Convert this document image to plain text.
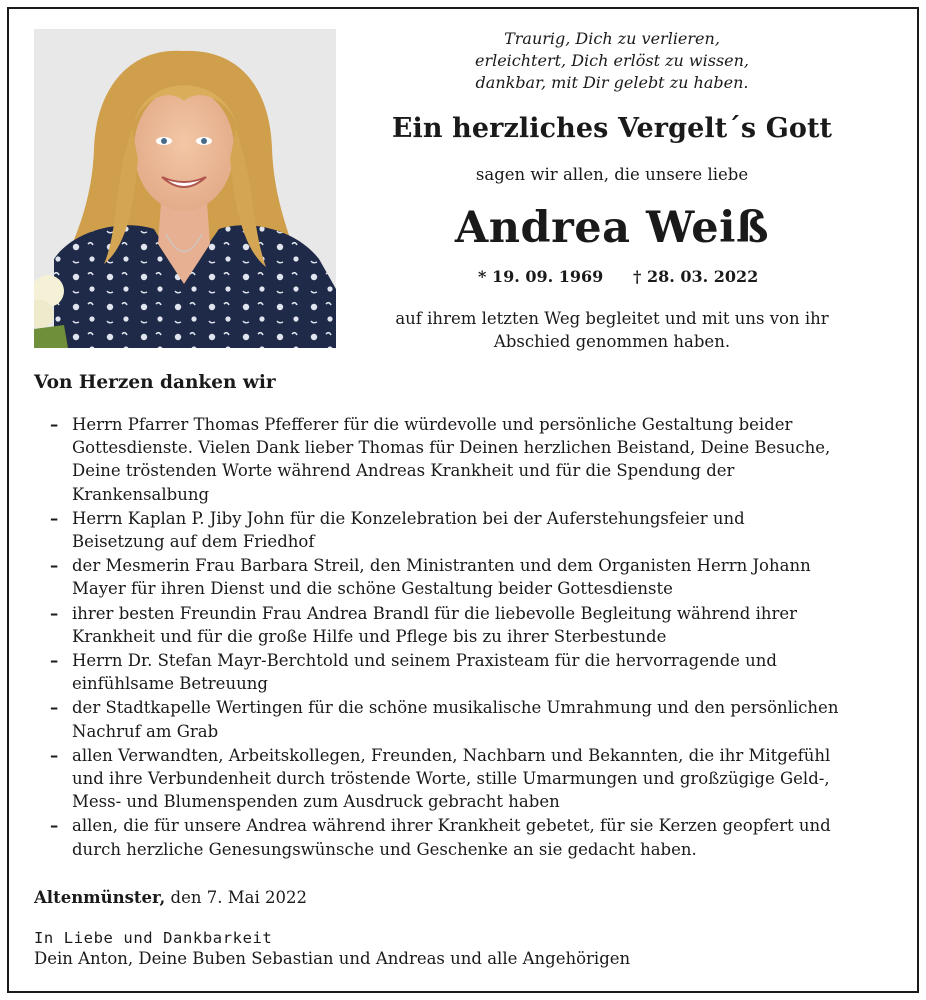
Traurig, Dich zu verlieren,
erleichtert, Dich erlöst zu wissen,
dankbar, mit Dir gelebt zu haben.
Ein herzliches Vergelt´s Gott
sagen wir allen, die unsere liebe
Andrea Weiß
* 19. 09. 1969 † 28. 03. 2022
auf ihrem letzten Weg begleitet und mit uns von ihr
Abschied genommen haben.
Von Herzen danken wir
– Herrn Pfarrer Thomas Pfefferer für die würdevolle und persönliche Gestaltung beider
Gottesdienste. Vielen Dank lieber Thomas für Deinen herzlichen Beistand, Deine Besuche,
Deine tröstenden Worte während Andreas Krankheit und für die Spendung der
Krankensalbung
– Herrn Kaplan P. Jiby John für die Konzelebration bei der Auferstehungsfeier und
Beisetzung auf dem Friedhof
– der Mesmerin Frau Barbara Streil, den Ministranten und dem Organisten Herrn Johann
Mayer für ihren Dienst und die schöne Gestaltung beider Gottesdienste
– ihrer besten Freundin Frau Andrea Brandl für die liebevolle Begleitung während ihrer
Krankheit und für die große Hilfe und Pflege bis zu ihrer Sterbestunde
– Herrn Dr. Stefan Mayr-Berchtold und seinem Praxisteam für die hervorragende und
einfühlsame Betreuung
– der Stadtkapelle Wertingen für die schöne musikalische Umrahmung und den persönlichen
Nachruf am Grab
– allen Verwandten, Arbeitskollegen, Freunden, Nachbarn und Bekannten, die ihr Mitgefühl
und ihre Verbundenheit durch tröstende Worte, stille Umarmungen und großzügige Geld-,
Mess- und Blumenspenden zum Ausdruck gebracht haben
– allen, die für unsere Andrea während ihrer Krankheit gebetet, für sie Kerzen geopfert und
durch herzliche Genesungswünsche und Geschenke an sie gedacht haben.
Altenmünster, den 7. Mai 2022
In Liebe und Dankbarkeit
Dein Anton, Deine Buben Sebastian und Andreas und alle Angehörigen
